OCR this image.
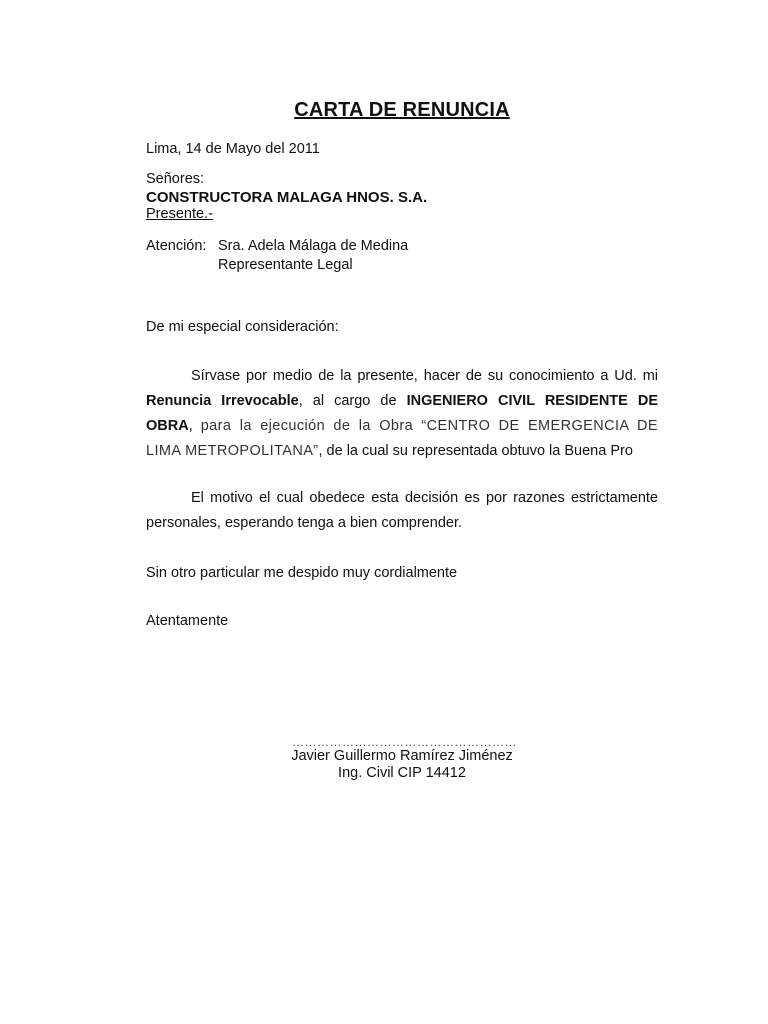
CARTA DE RENUNCIA
Lima, 14 de Mayo del 2011
Señores:
CONSTRUCTORA MALAGA HNOS. S.A.
Presente.-
Atención: Sra. Adela Málaga de Medina
Representante Legal
De mi especial consideración:
Sírvase por medio de la presente, hacer de su conocimiento a Ud. mi Renuncia Irrevocable, al cargo de INGENIERO CIVIL RESIDENTE DE OBRA, para la ejecución de la Obra “CENTRO DE EMERGENCIA DE LIMA METROPOLITANA”, de la cual su representada obtuvo la Buena Pro
El motivo el cual obedece esta decisión es por razones estrictamente personales, esperando tenga a bien comprender.
Sin otro particular me despido muy cordialmente
Atentamente
………………………………………………
Javier Guillermo Ramírez Jiménez
Ing. Civil CIP 14412
